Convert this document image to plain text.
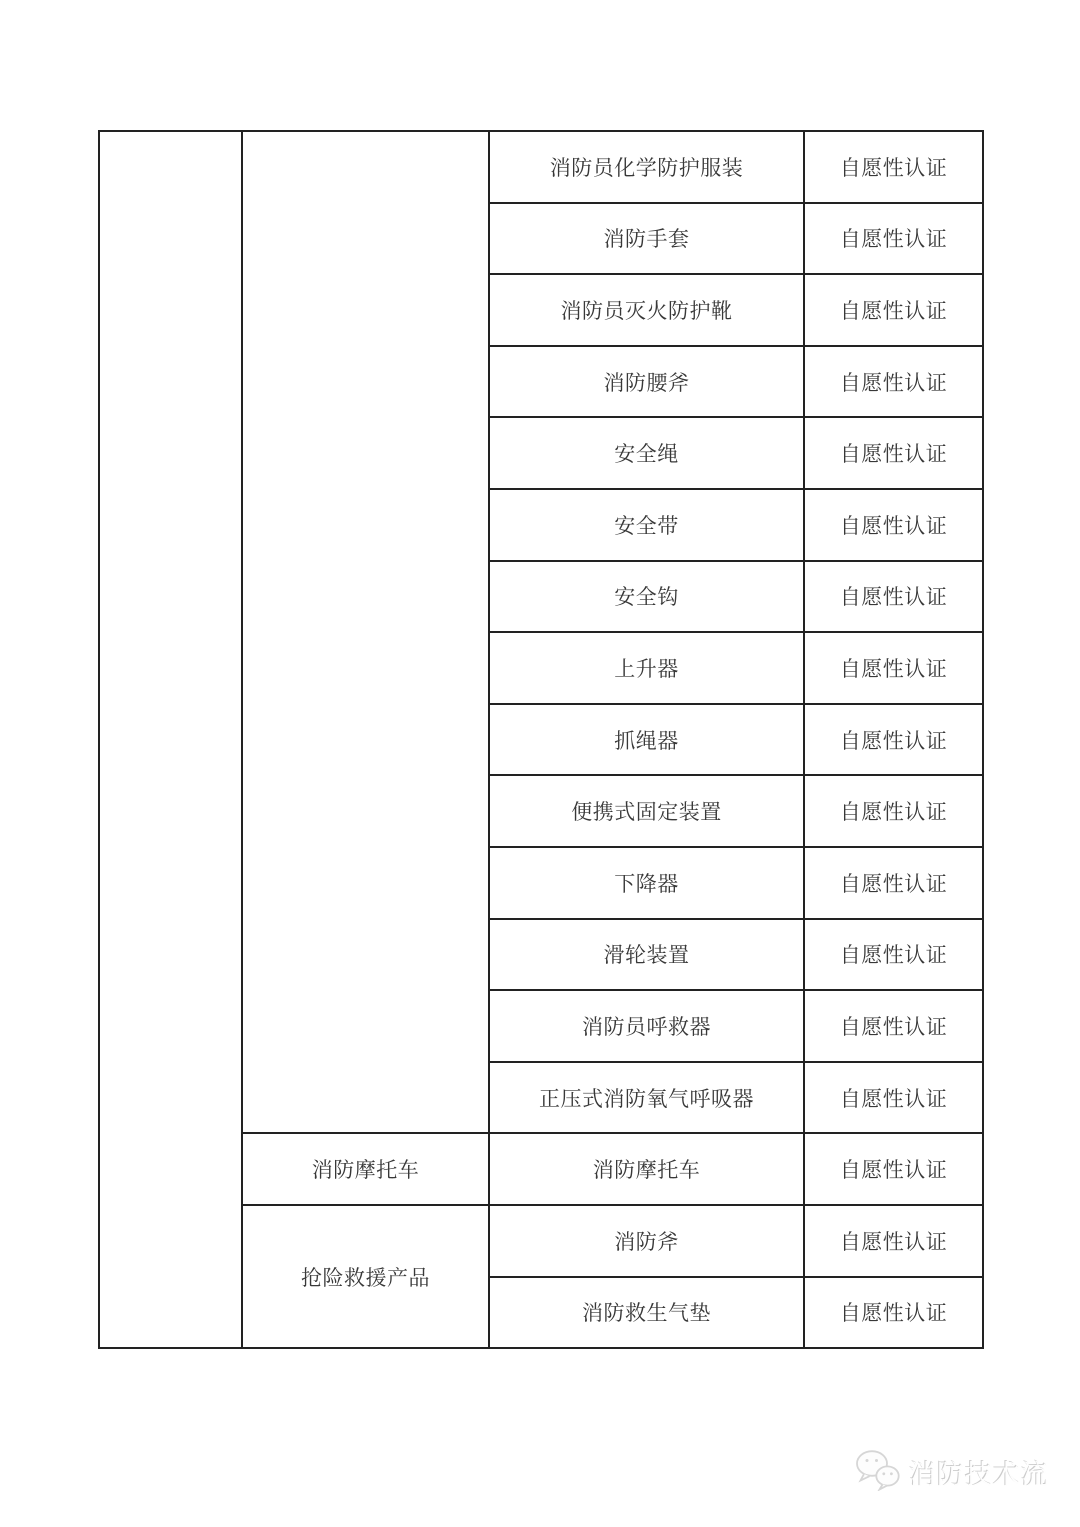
		消防员化学防护服装	自愿性认证
		消防手套	自愿性认证
		消防员灭火防护靴	自愿性认证
		消防腰斧	自愿性认证
		安全绳	自愿性认证
		安全带	自愿性认证
		安全钩	自愿性认证
		上升器	自愿性认证
		抓绳器	自愿性认证
		便携式固定装置	自愿性认证
		下降器	自愿性认证
		滑轮装置	自愿性认证
		消防员呼救器	自愿性认证
		正压式消防氧气呼吸器	自愿性认证
	消防摩托车	消防摩托车	自愿性认证
	抢险救援产品	消防斧	自愿性认证
		消防救生气垫	自愿性认证
消防技术流
